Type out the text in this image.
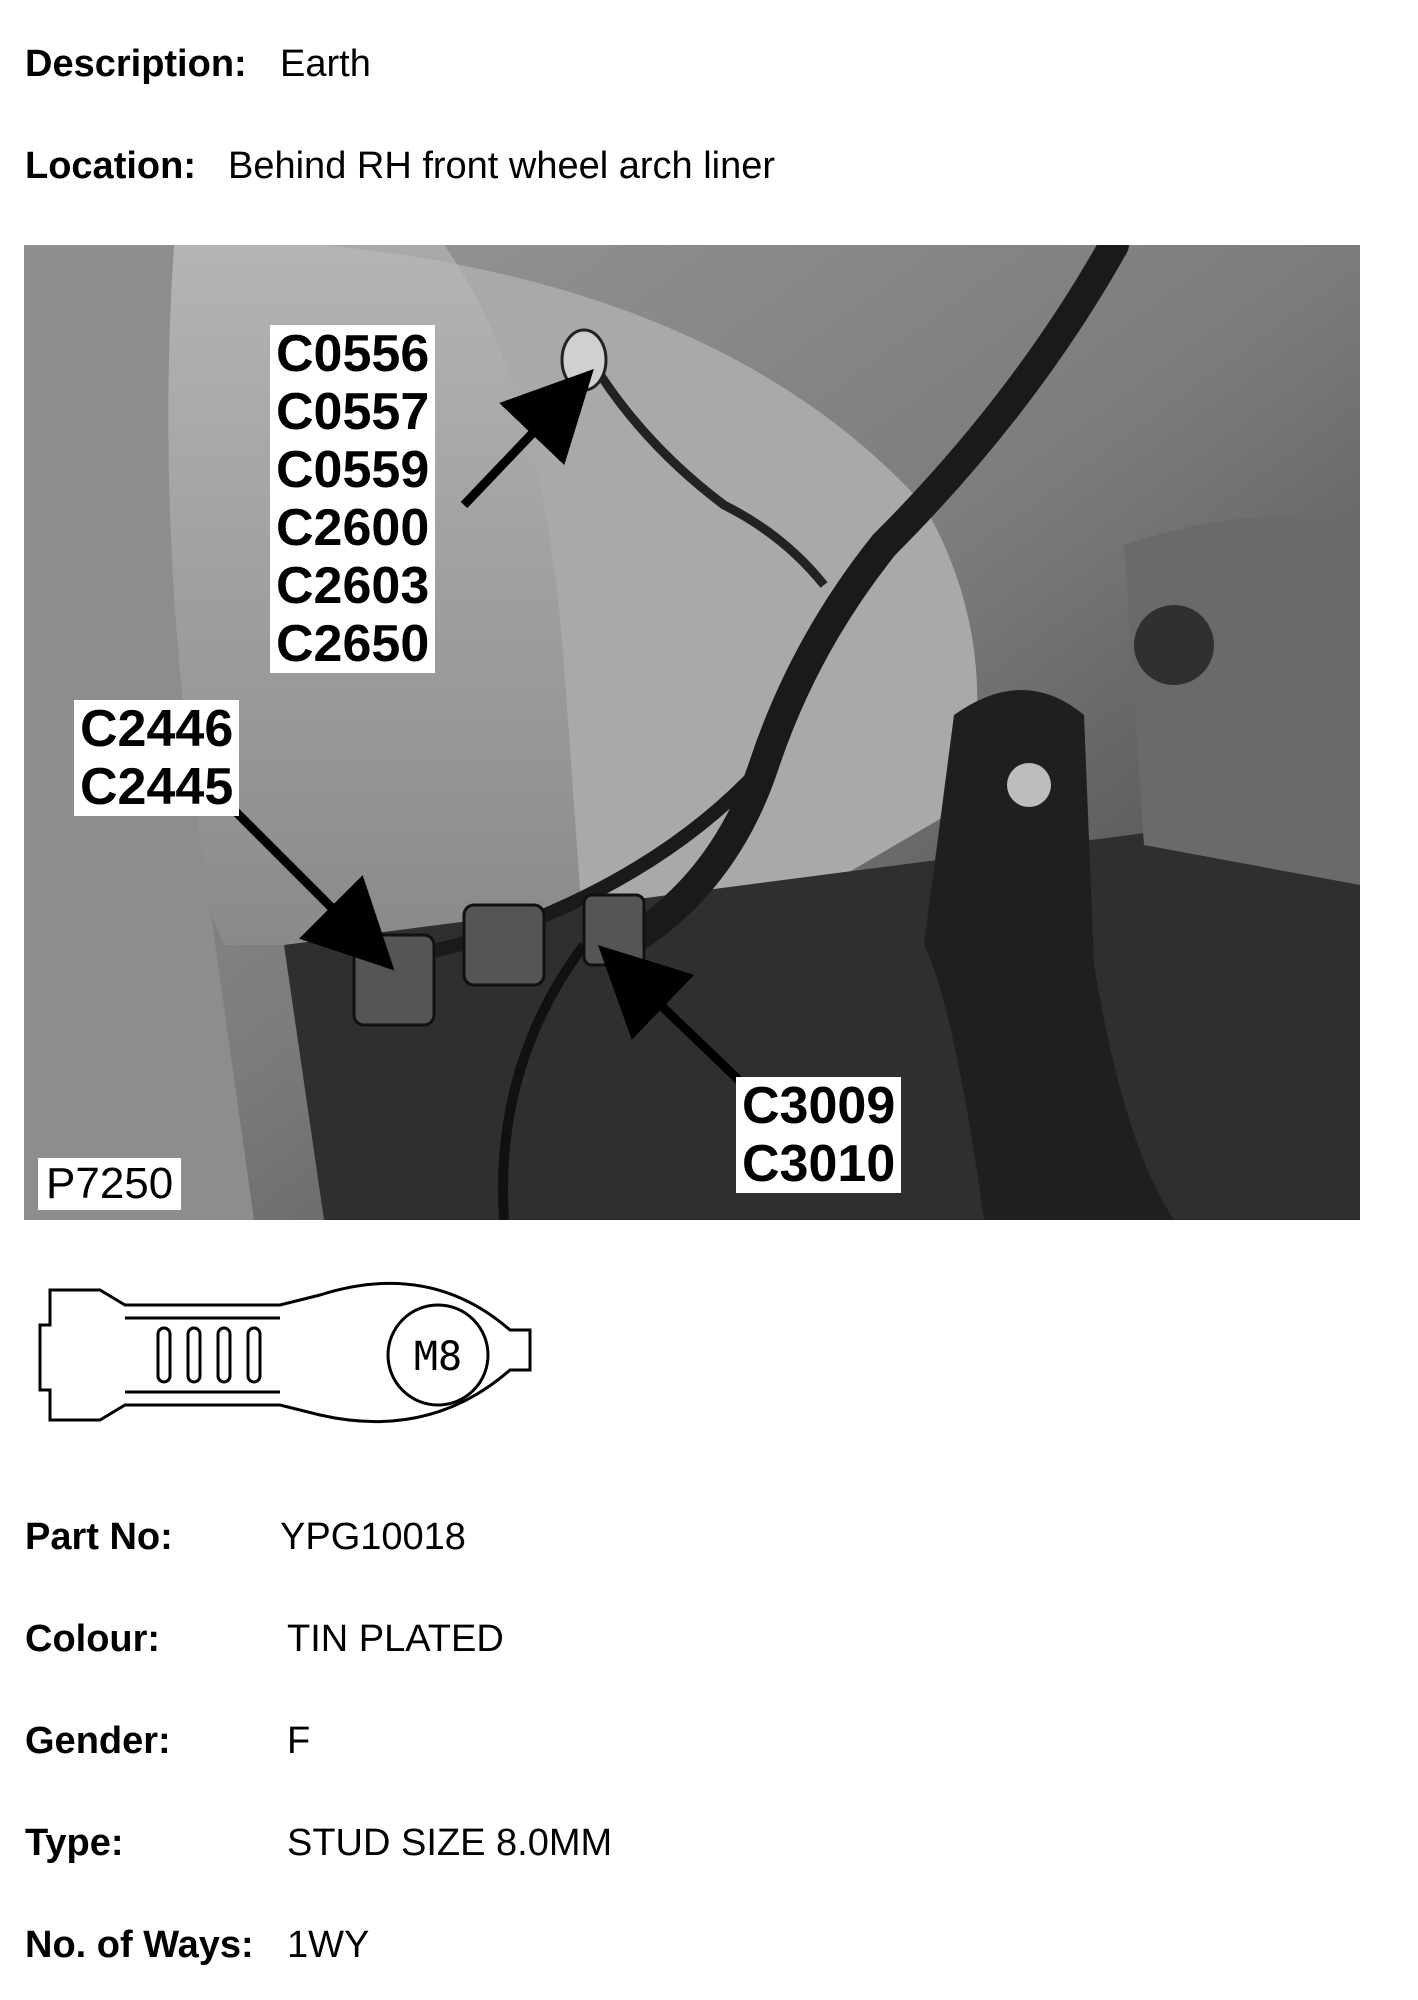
Description: Earth
Location: Behind RH front wheel arch liner
C0556
C0557
C0559
C2600
C2603
C2650
C2446
C2445
C3009
C3010
P7250
M8
Part No:	YPG10018
Colour:	TIN PLATED
Gender:	F
Type:	STUD SIZE 8.0MM
No. of Ways: 1WY
